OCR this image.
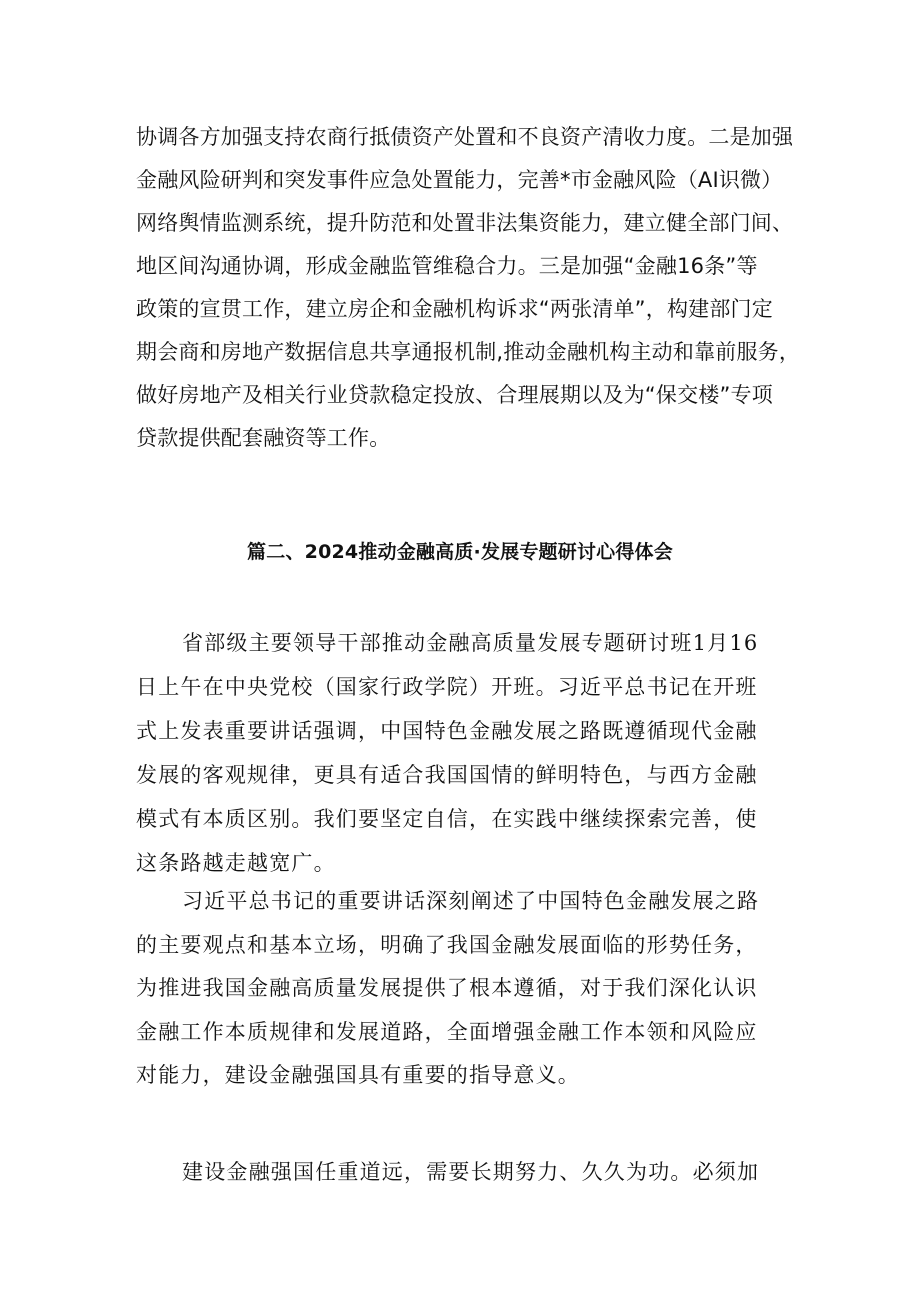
协调各方加强支持农商行抵债资产处置和不良资产清收力度。二是加强

金融风险研判和突发事件应急处置能力，完善*市金融风险（AI识微）

网络舆情监测系统，提升防范和处置非法集资能力，建立健全部门间、

地区间沟通协调，形成金融监管维稳合力。三是加强“金融16条”等

政策的宣贯工作，建立房企和金融机构诉求“两张清单”，构建部门定

期会商和房地产数据信息共享通报机制,推动金融机构主动和靠前服务，

做好房地产及相关行业贷款稳定投放、合理展期以及为“保交楼”专项

贷款提供配套融资等工作。

篇二、2024推动金融高质·发展专题研讨心得体会

省部级主要领导干部推动金融高质量发展专题研讨班1月16

日上午在中央党校（国家行政学院）开班。习近平总书记在开班

式上发表重要讲话强调，中国特色金融发展之路既遵循现代金融

发展的客观规律，更具有适合我国国情的鲜明特色，与西方金融

模式有本质区别。我们要坚定自信，在实践中继续探索完善，使

这条路越走越宽广。

习近平总书记的重要讲话深刻阐述了中国特色金融发展之路

的主要观点和基本立场，明确了我国金融发展面临的形势任务，

为推进我国金融高质量发展提供了根本遵循，对于我们深化认识

金融工作本质规律和发展道路，全面增强金融工作本领和风险应

对能力，建设金融强国具有重要的指导意义。

建设金融强国任重道远，需要长期努力、久久为功。必须加
